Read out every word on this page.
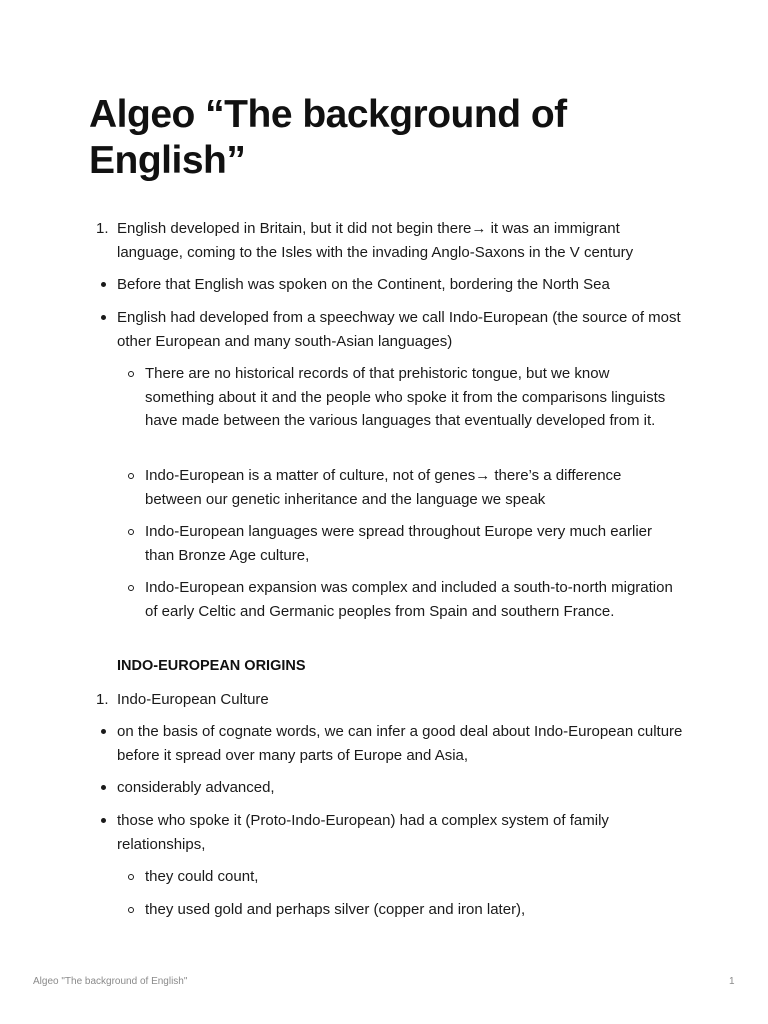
Algeo “The background of English”
1. English developed in Britain, but it did not begin there→ it was an immigrant language, coming to the Isles with the invading Anglo-Saxons in the V century
Before that English was spoken on the Continent, bordering the North Sea
English had developed from a speechway we call Indo-European (the source of most other European and many south-Asian languages)
There are no historical records of that prehistoric tongue, but we know something about it and the people who spoke it from the comparisons linguists have made between the various languages that eventually developed from it.
Indo-European is a matter of culture, not of genes→ there’s a difference between our genetic inheritance and the language we speak
Indo-European languages were spread throughout Europe very much earlier than Bronze Age culture,
Indo-European expansion was complex and included a south-to-north migration of early Celtic and Germanic peoples from Spain and southern France.
INDO-EUROPEAN ORIGINS
1. Indo-European Culture
on the basis of cognate words, we can infer a good deal about Indo-European culture before it spread over many parts of Europe and Asia,
considerably advanced,
those who spoke it (Proto-Indo-European) had a complex system of family relationships,
they could count,
they used gold and perhaps silver (copper and iron later),
Algeo "The background of English"	1
